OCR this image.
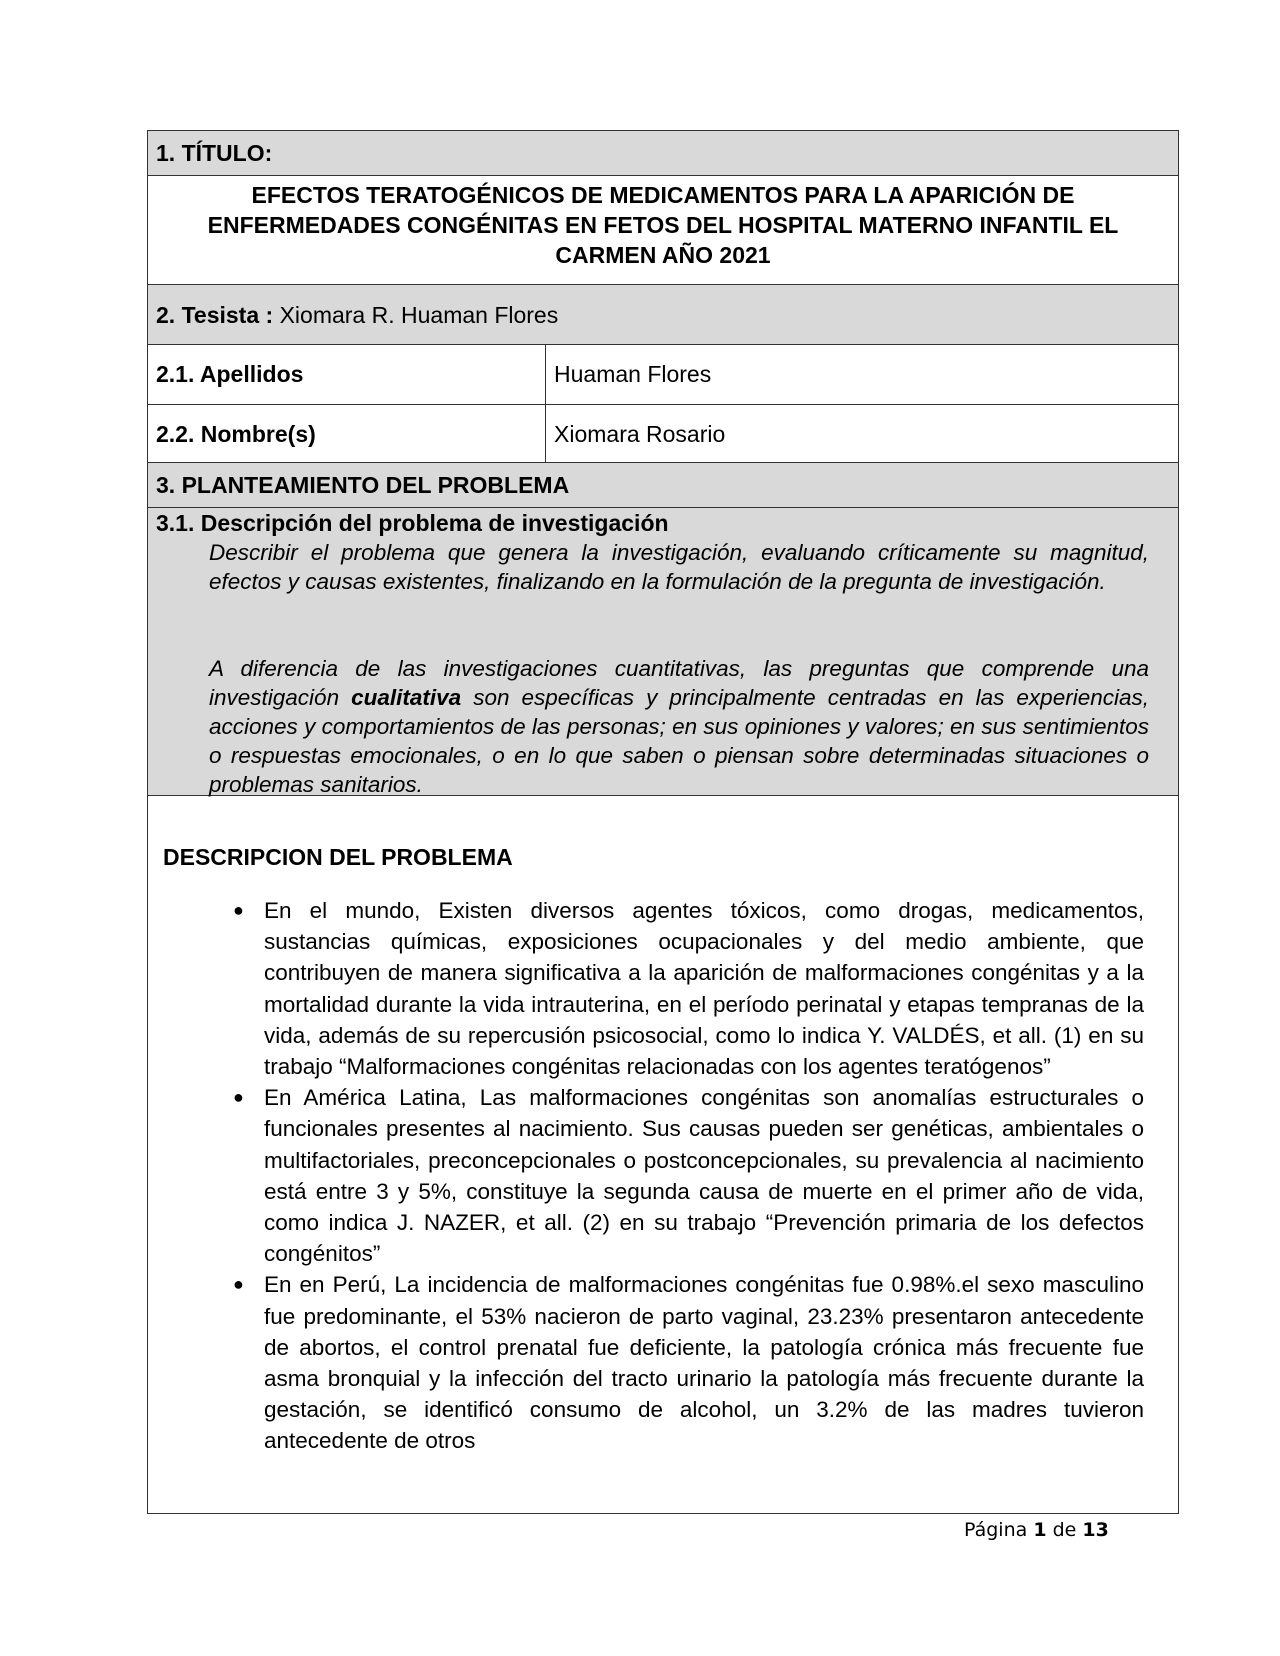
1. TÍTULO:
EFECTOS TERATOGÉNICOS DE MEDICAMENTOS PARA LA APARICIÓN DE ENFERMEDADES CONGÉNITAS EN FETOS DEL HOSPITAL MATERNO INFANTIL EL CARMEN AÑO 2021
2. Tesista : Xiomara R. Huaman Flores
2.1. Apellidos	Huaman Flores
2.2. Nombre(s)	Xiomara Rosario
3. PLANTEAMIENTO DEL PROBLEMA
3.1. Descripción del problema de investigación
Describir el problema que genera la investigación, evaluando críticamente su magnitud, efectos y causas existentes, finalizando en la formulación de la pregunta de investigación.
A diferencia de las investigaciones cuantitativas, las preguntas que comprende una investigación cualitativa son específicas y principalmente centradas en las experiencias, acciones y comportamientos de las personas; en sus opiniones y valores; en sus sentimientos o respuestas emocionales, o en lo que saben o piensan sobre determinadas situaciones o problemas sanitarios.
DESCRIPCION DEL PROBLEMA
● En el mundo, Existen diversos agentes tóxicos, como drogas, medicamentos, sustancias químicas, exposiciones ocupacionales y del medio ambiente, que contribuyen de manera significativa a la aparición de malformaciones congénitas y a la mortalidad durante la vida intrauterina, en el período perinatal y etapas tempranas de la vida, además de su repercusión psicosocial, como lo indica Y. VALDÉS, et all. (1) en su trabajo “Malformaciones congénitas relacionadas con los agentes teratógenos”
● En América Latina, Las malformaciones congénitas son anomalías estructurales o funcionales presentes al nacimiento. Sus causas pueden ser genéticas, ambientales o multifactoriales, preconcepcionales o postconcepcionales, su prevalencia al nacimiento está entre 3 y 5%, constituye la segunda causa de muerte en el primer año de vida, como indica J. NAZER, et all. (2) en su trabajo “Prevención primaria de los defectos congénitos”
● En en Perú, La incidencia de malformaciones congénitas fue 0.98%.el sexo masculino fue predominante, el 53% nacieron de parto vaginal, 23.23% presentaron antecedente de abortos, el control prenatal fue deficiente, la patología crónica más frecuente fue asma bronquial y la infección del tracto urinario la patología más frecuente durante la gestación, se identificó consumo de alcohol, un 3.2% de las madres tuvieron antecedente de otros
Página 1 de 13
